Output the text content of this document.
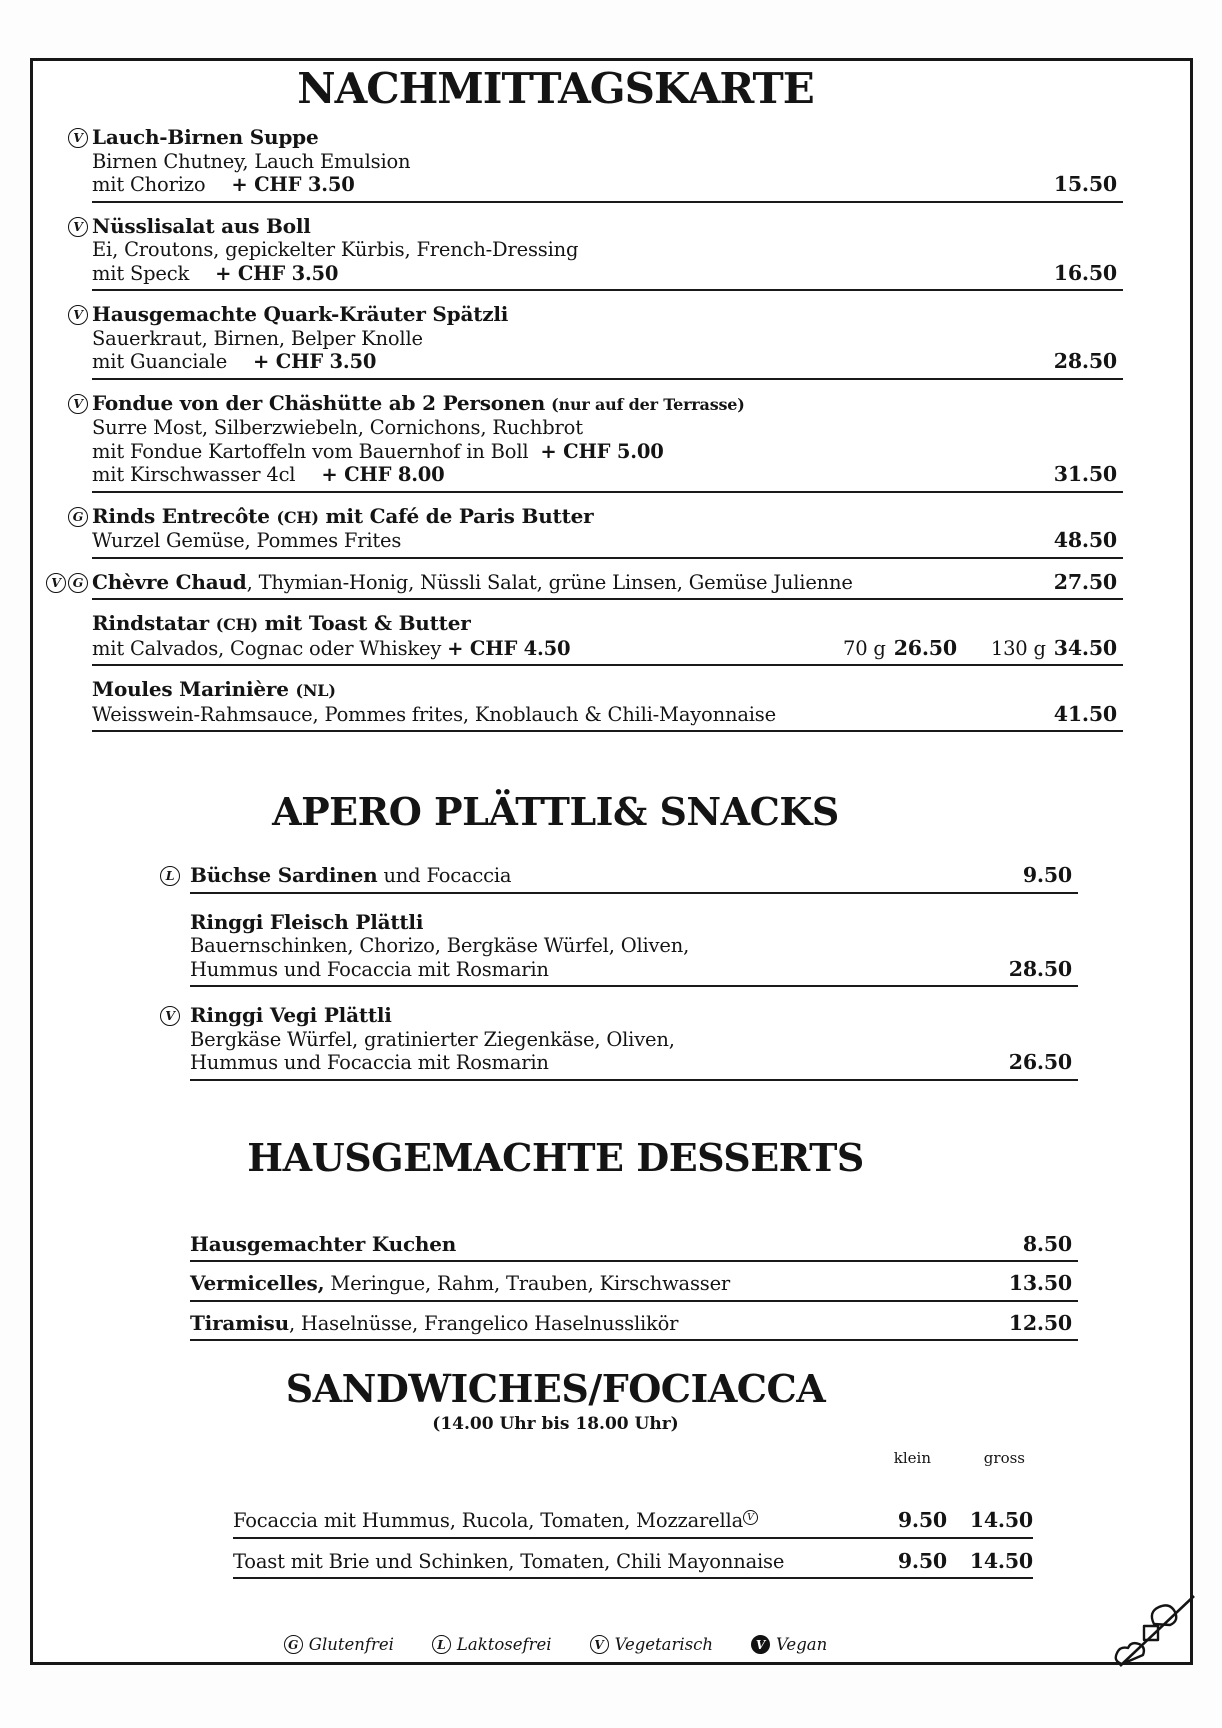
NACHMITTAGSKARTE
V Lauch-Birnen Suppe
Birnen Chutney, Lauch Emulsion
mit Chorizo + CHF 3.50	15.50
V Nüsslisalat aus Boll
Ei, Croutons, gepickelter Kürbis, French-Dressing
mit Speck + CHF 3.50	16.50
V Hausgemachte Quark-Kräuter Spätzli
Sauerkraut, Birnen, Belper Knolle
mit Guanciale + CHF 3.50	28.50
V Fondue von der Chäshütte ab 2 Personen (nur auf der Terrasse)
Surre Most, Silberzwiebeln, Cornichons, Ruchbrot
mit Fondue Kartoffeln vom Bauernhof in Boll + CHF 5.00
mit Kirschwasser 4cl + CHF 8.00	31.50
G Rinds Entrecôte (CH) mit Café de Paris Butter
Wurzel Gemüse, Pommes Frites	48.50
V G Chèvre Chaud, Thymian-Honig, Nüssli Salat, grüne Linsen, Gemüse Julienne	27.50
Rindstatar (CH) mit Toast & Butter
mit Calvados, Cognac oder Whiskey + CHF 4.50	70 g 26.50 130 g 34.50
Moules Marinière (NL)
Weisswein-Rahmsauce, Pommes frites, Knoblauch & Chili-Mayonnaise	41.50
APERO PLÄTTLI& SNACKS
L Büchse Sardinen und Focaccia	9.50
Ringgi Fleisch Plättli
Bauernschinken, Chorizo, Bergkäse Würfel, Oliven,
Hummus und Focaccia mit Rosmarin	28.50
V Ringgi Vegi Plättli
Bergkäse Würfel, gratinierter Ziegenkäse, Oliven,
Hummus und Focaccia mit Rosmarin	26.50
HAUSGEMACHTE DESSERTS
Hausgemachter Kuchen	8.50
Vermicelles, Meringue, Rahm, Trauben, Kirschwasser	13.50
Tiramisu, Haselnüsse, Frangelico Haselnusslikör	12.50
SANDWICHES/FOCIACCA
(14.00 Uhr bis 18.00 Uhr)
klein	gross
Focaccia mit Hummus, Rucola, Tomaten, Mozzarella V	9.50	14.50
Toast mit Brie und Schinken, Tomaten, Chili Mayonnaise	9.50	14.50
G Glutenfrei	L Laktosefrei	V Vegetarisch	V Vegan
